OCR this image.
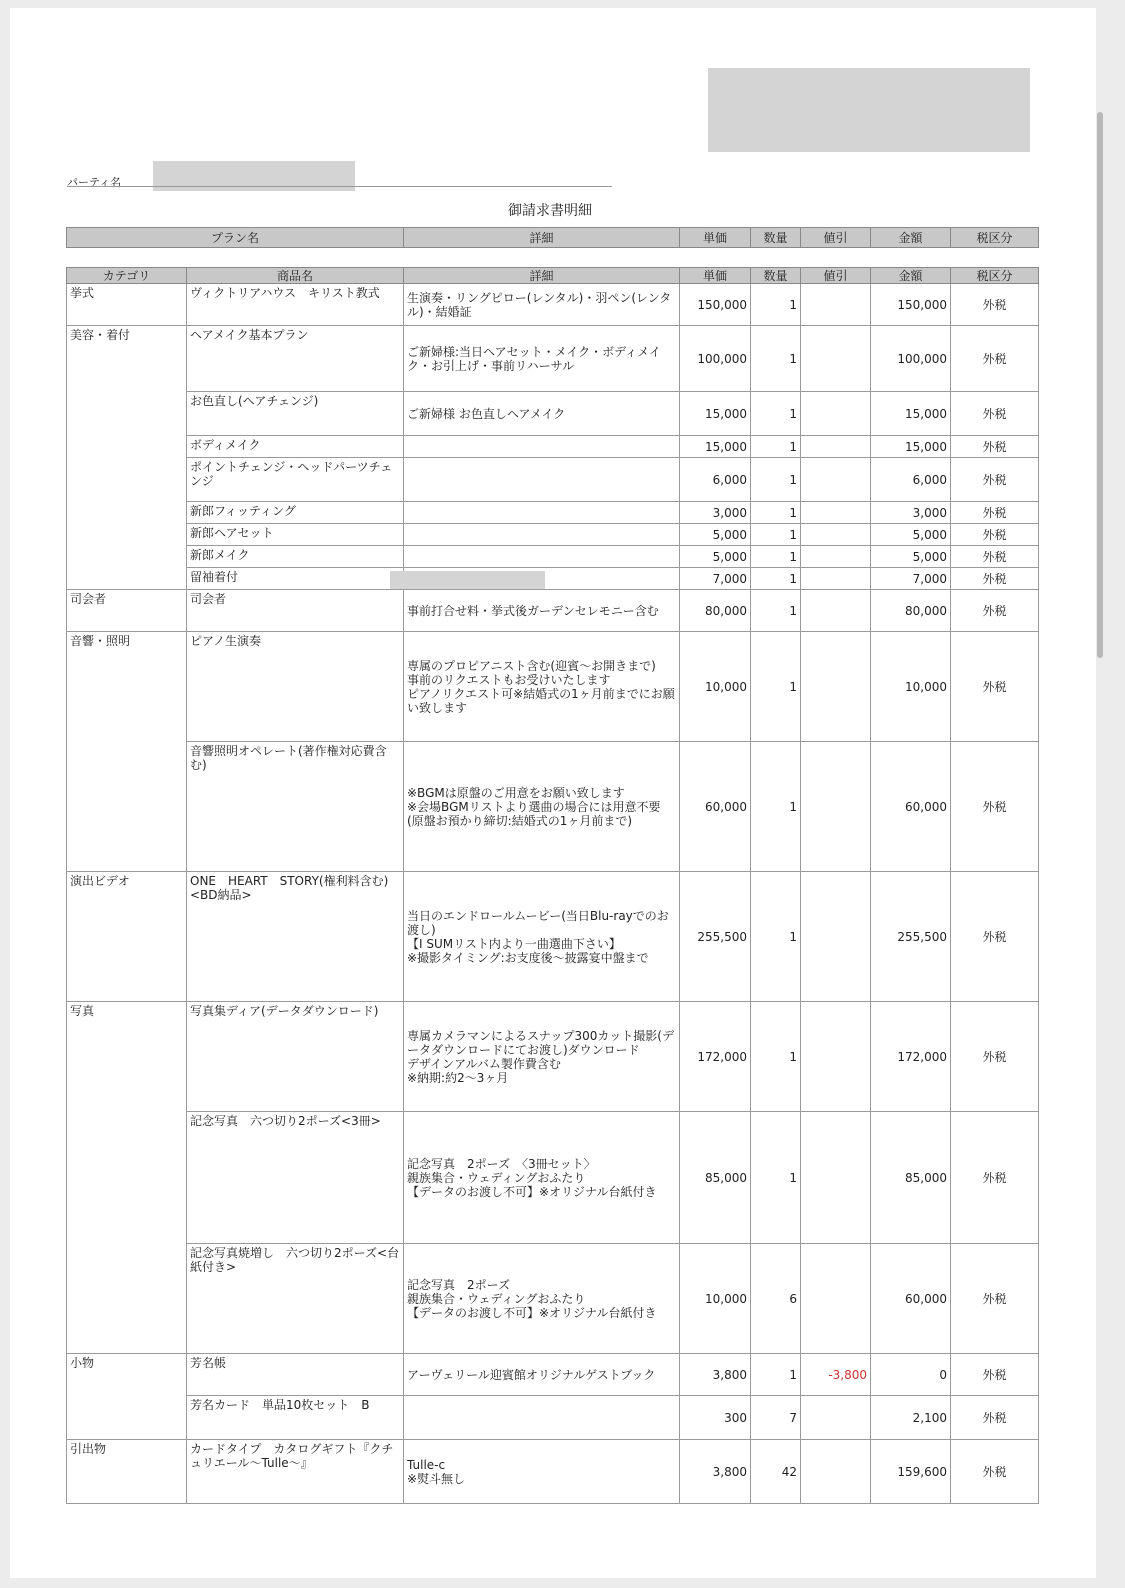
パーティ名
御請求書明細
プラン名	詳細	単価	数量	値引	金額	税区分
カテゴリ	商品名	詳細	単価	数量	値引	金額	税区分
挙式	ヴィクトリアハウス　キリスト教式	生演奏・リングピロー(レンタル)・羽ペン(レンタル)・結婚証	150,000	1		150,000	外税
美容・着付	ヘアメイク基本プラン	ご新婦様:当日ヘアセット・メイク・ボディメイク・お引上げ・事前リハーサル	100,000	1		100,000	外税
	お色直し(ヘアチェンジ)	ご新婦様 お色直しヘアメイク	15,000	1		15,000	外税
	ボディメイク		15,000	1		15,000	外税
	ポイントチェンジ・ヘッドパーツチェンジ		6,000	1		6,000	外税
	新郎フィッティング		3,000	1		3,000	外税
	新郎ヘアセット		5,000	1		5,000	外税
	新郎メイク		5,000	1		5,000	外税
	留袖着付		7,000	1		7,000	外税
司会者	司会者	事前打合せ料・挙式後ガーデンセレモニー含む	80,000	1		80,000	外税
音響・照明	ピアノ生演奏	専属のプロピアニスト含む(迎賓～お開きまで)
事前のリクエストもお受けいたします
ピアノリクエスト可※結婚式の1ヶ月前までにお願い致します	10,000	1		10,000	外税
	音響照明オペレート(著作権対応費含む)	※BGMは原盤のご用意をお願い致します
※会場BGMリストより選曲の場合には用意不要
(原盤お預かり締切:結婚式の1ヶ月前まで)	60,000	1		60,000	外税
演出ビデオ	ONE　HEART　STORY(権利料含む)<BD納品>	当日のエンドロールムービー(当日Blu-rayでのお渡し)
【I SUMリスト内より一曲選曲下さい】
※撮影タイミング:お支度後～披露宴中盤まで	255,500	1		255,500	外税
写真	写真集ディア(データダウンロード)	専属カメラマンによるスナップ300カット撮影(データダウンロードにてお渡し)ダウンロード
デザインアルバム製作費含む
※納期:約2～3ヶ月	172,000	1		172,000	外税
	記念写真　六つ切り2ポーズ<3冊>	記念写真　2ポーズ　〈3冊セット〉
親族集合・ウェディングおふたり
【データのお渡し不可】※オリジナル台紙付き	85,000	1		85,000	外税
	記念写真焼増し　六つ切り2ポーズ<台紙付き>	記念写真　2ポーズ
親族集合・ウェディングおふたり
【データのお渡し不可】※オリジナル台紙付き	10,000	6		60,000	外税
小物	芳名帳	アーヴェリール迎賓館オリジナルゲストブック	3,800	1	-3,800	0	外税
	芳名カード　単品10枚セット　B		300	7		2,100	外税
引出物	カードタイプ　カタログギフト『クチュリエール～Tulle～』	Tulle-c
※熨斗無し	3,800	42		159,600	外税
